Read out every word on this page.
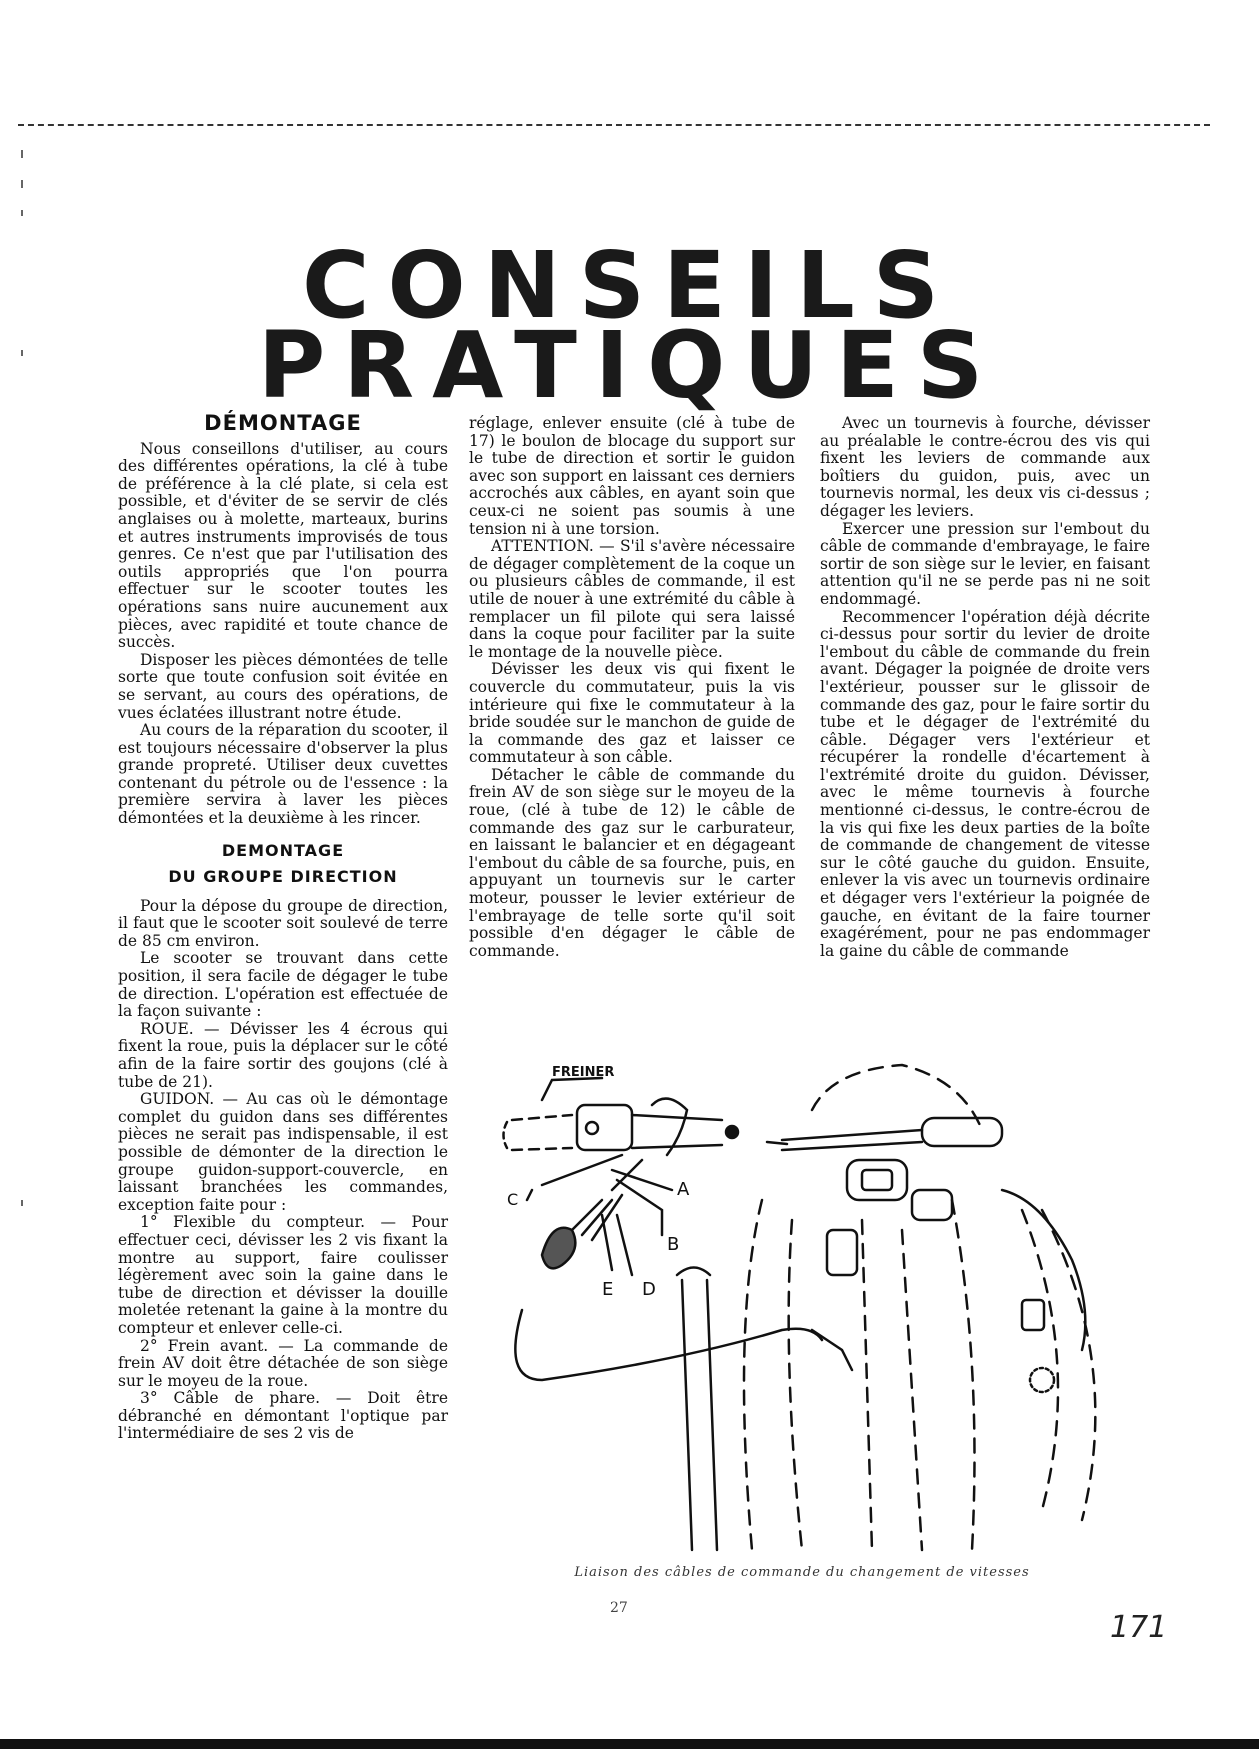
CONSEILS
PRATIQUES
DÉMONTAGE

Nous conseillons d'utiliser, au cours des différentes opérations, la clé à tube de préférence à la clé plate, si cela est possible, et d'éviter de se servir de clés anglaises ou à molette, marteaux, burins et autres instruments improvisés de tous genres. Ce n'est que par l'utilisation des outils appropriés que l'on pourra effectuer sur le scooter toutes les opérations sans nuire aucunement aux pièces, avec rapidité et toute chance de succès.

Disposer les pièces démontées de telle sorte que toute confusion soit évitée en se servant, au cours des opérations, de vues éclatées illustrant notre étude.

Au cours de la réparation du scooter, il est toujours nécessaire d'observer la plus grande propreté. Utiliser deux cuvettes contenant du pétrole ou de l'essence : la première servira à laver les pièces démontées et la deuxième à les rincer.

DEMONTAGE
DU GROUPE DIRECTION

Pour la dépose du groupe de direction, il faut que le scooter soit soulevé de terre de 85 cm environ.

Le scooter se trouvant dans cette position, il sera facile de dégager le tube de direction. L'opération est effectuée de la façon suivante :

ROUE. — Dévisser les 4 écrous qui fixent la roue, puis la déplacer sur le côté afin de la faire sortir des goujons (clé à tube de 21).

GUIDON. — Au cas où le démontage complet du guidon dans ses différentes pièces ne serait pas indispensable, il est possible de démonter de la direction le groupe guidon-support-couvercle, en laissant branchées les commandes, exception faite pour :

1° Flexible du compteur. — Pour effectuer ceci, dévisser les 2 vis fixant la montre au support, faire coulisser légèrement avec soin la gaine dans le tube de direction et dévisser la douille moletée retenant la gaine à la montre du compteur et enlever celle-ci.

2° Frein avant. — La commande de frein AV doit être détachée de son siège sur le moyeu de la roue.

3° Câble de phare. — Doit être débranché en démontant l'optique par l'intermédiaire de ses 2 vis de

réglage, enlever ensuite (clé à tube de 17) le boulon de blocage du support sur le tube de direction et sortir le guidon avec son support en laissant ces derniers accrochés aux câbles, en ayant soin que ceux-ci ne soient pas soumis à une tension ni à une torsion.

ATTENTION. — S'il s'avère nécessaire de dégager complètement de la coque un ou plusieurs câbles de commande, il est utile de nouer à une extrémité du câble à remplacer un fil pilote qui sera laissé dans la coque pour faciliter par la suite le montage de la nouvelle pièce.

Dévisser les deux vis qui fixent le couvercle du commutateur, puis la vis intérieure qui fixe le commutateur à la bride soudée sur le manchon de guide de la commande des gaz et laisser ce commutateur à son câble.

Détacher le câble de commande du frein AV de son siège sur le moyeu de la roue, (clé à tube de 12) le câble de commande des gaz sur le carburateur, en laissant le balancier et en dégageant l'embout du câble de sa fourche, puis, en appuyant un tournevis sur le carter moteur, pousser le levier extérieur de l'embrayage de telle sorte qu'il soit possible d'en dégager le câble de commande.

Avec un tournevis à fourche, dévisser au préalable le contre-écrou des vis qui fixent les leviers de commande aux boîtiers du guidon, puis, avec un tournevis normal, les deux vis ci-dessus ; dégager les leviers.

Exercer une pression sur l'embout du câble de commande d'embrayage, le faire sortir de son siège sur le levier, en faisant attention qu'il ne se perde pas ni ne soit endommagé.

Recommencer l'opération déjà décrite ci-dessus pour sortir du levier de droite l'embout du câble de commande du frein avant. Dégager la poignée de droite vers l'extérieur, pousser sur le glissoir de commande des gaz, pour le faire sortir du tube et le dégager de l'extrémité du câble. Dégager vers l'extérieur et récupérer la rondelle d'écartement à l'extrémité droite du guidon. Dévisser, avec le même tournevis à fourche mentionné ci-dessus, le contre-écrou de la vis qui fixe les deux parties de la boîte de commande de changement de vitesse sur le côté gauche du guidon. Ensuite, enlever la vis avec un tournevis ordinaire et dégager vers l'extérieur la poignée de gauche, en évitant de la faire tourner exagérément, pour ne pas endommager la gaine du câble de commande

FREINER
A
B
C
D
E
Liaison des câbles de commande du changement de vitesses
27
171
